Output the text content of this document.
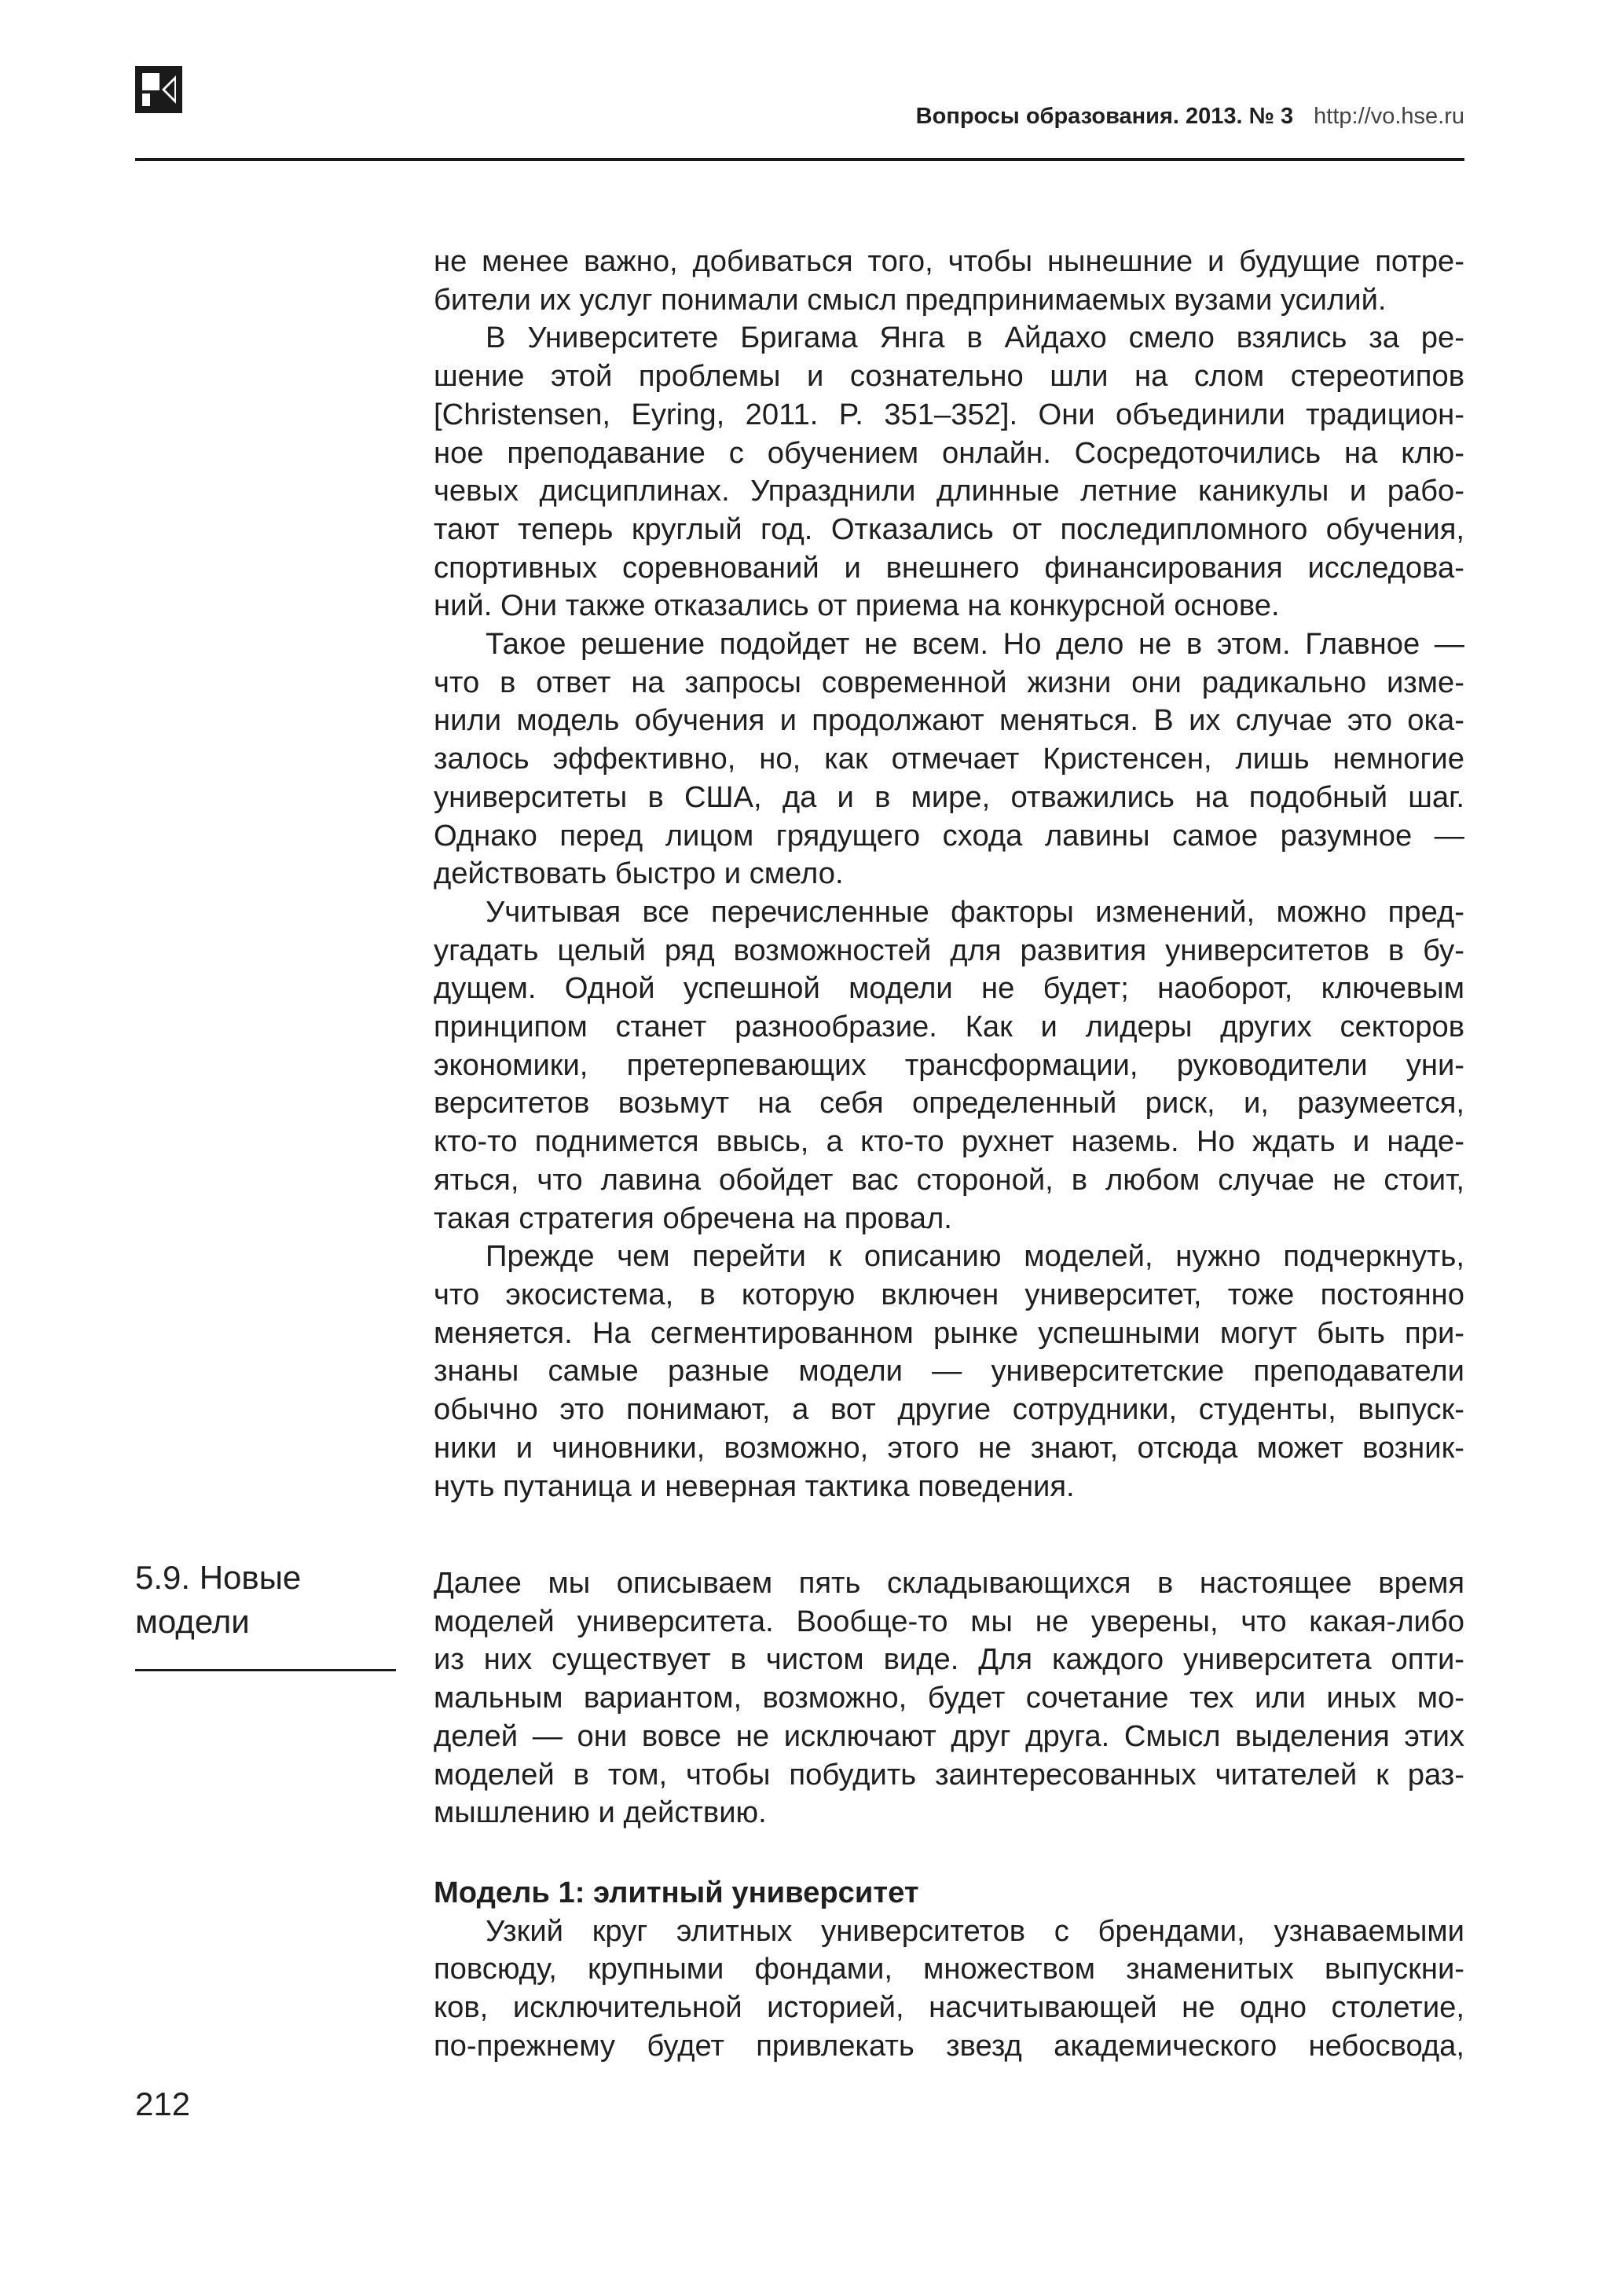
Вопросы образования. 2013. № 3 http://vo.hse.ru

не менее важно, добиваться того, чтобы нынешние и будущие потре-

бители их услуг понимали смысл предпринимаемых вузами усилий.

В Университете Бригама Янга в Айдахо смело взялись за ре-

шение этой проблемы и сознательно шли на слом стереотипов

[Christensen, Eyring, 2011. P. 351–352]. Они объединили традицион-

ное преподавание с обучением онлайн. Сосредоточились на клю-

чевых дисциплинах. Упразднили длинные летние каникулы и рабо-

тают теперь круглый год. Отказались от последипломного обучения,

спортивных соревнований и внешнего финансирования исследова-

ний. Они также отказались от приема на конкурсной основе.

Такое решение подойдет не всем. Но дело не в этом. Главное —

что в ответ на запросы современной жизни они радикально изме-

нили модель обучения и продолжают меняться. В их случае это ока-

залось эффективно, но, как отмечает Кристенсен, лишь немногие

университеты в США, да и в мире, отважились на подобный шаг.

Однако перед лицом грядущего схода лавины самое разумное —

действовать быстро и смело.

Учитывая все перечисленные факторы изменений, можно пред-

угадать целый ряд возможностей для развития университетов в бу-

дущем. Одной успешной модели не будет; наоборот, ключевым

принципом станет разнообразие. Как и лидеры других секторов

экономики, претерпевающих трансформации, руководители уни-

верситетов возьмут на себя определенный риск, и, разумеется,

кто-то поднимется ввысь, а кто-то рухнет наземь. Но ждать и наде-

яться, что лавина обойдет вас стороной, в любом случае не стоит,

такая стратегия обречена на провал.

Прежде чем перейти к описанию моделей, нужно подчеркнуть,

что экосистема, в которую включен университет, тоже постоянно

меняется. На сегментированном рынке успешными могут быть при-

знаны самые разные модели — университетские преподаватели

обычно это понимают, а вот другие сотрудники, студенты, выпуск-

ники и чиновники, возможно, этого не знают, отсюда может возник-

нуть путаница и неверная тактика поведения.

5.9. Новые
модели

Далее мы описываем пять складывающихся в настоящее время

моделей университета. Вообще-то мы не уверены, что какая-либо

из них существует в чистом виде. Для каждого университета опти-

мальным вариантом, возможно, будет сочетание тех или иных мо-

делей — они вовсе не исключают друг друга. Смысл выделения этих

моделей в том, чтобы побудить заинтересованных читателей к раз-

мышлению и действию.

Модель 1: элитный университет

Узкий круг элитных университетов с брендами, узнаваемыми

повсюду, крупными фондами, множеством знаменитых выпускни-

ков, исключительной историей, насчитывающей не одно столетие,

по-прежнему будет привлекать звезд академического небосвода,

212
